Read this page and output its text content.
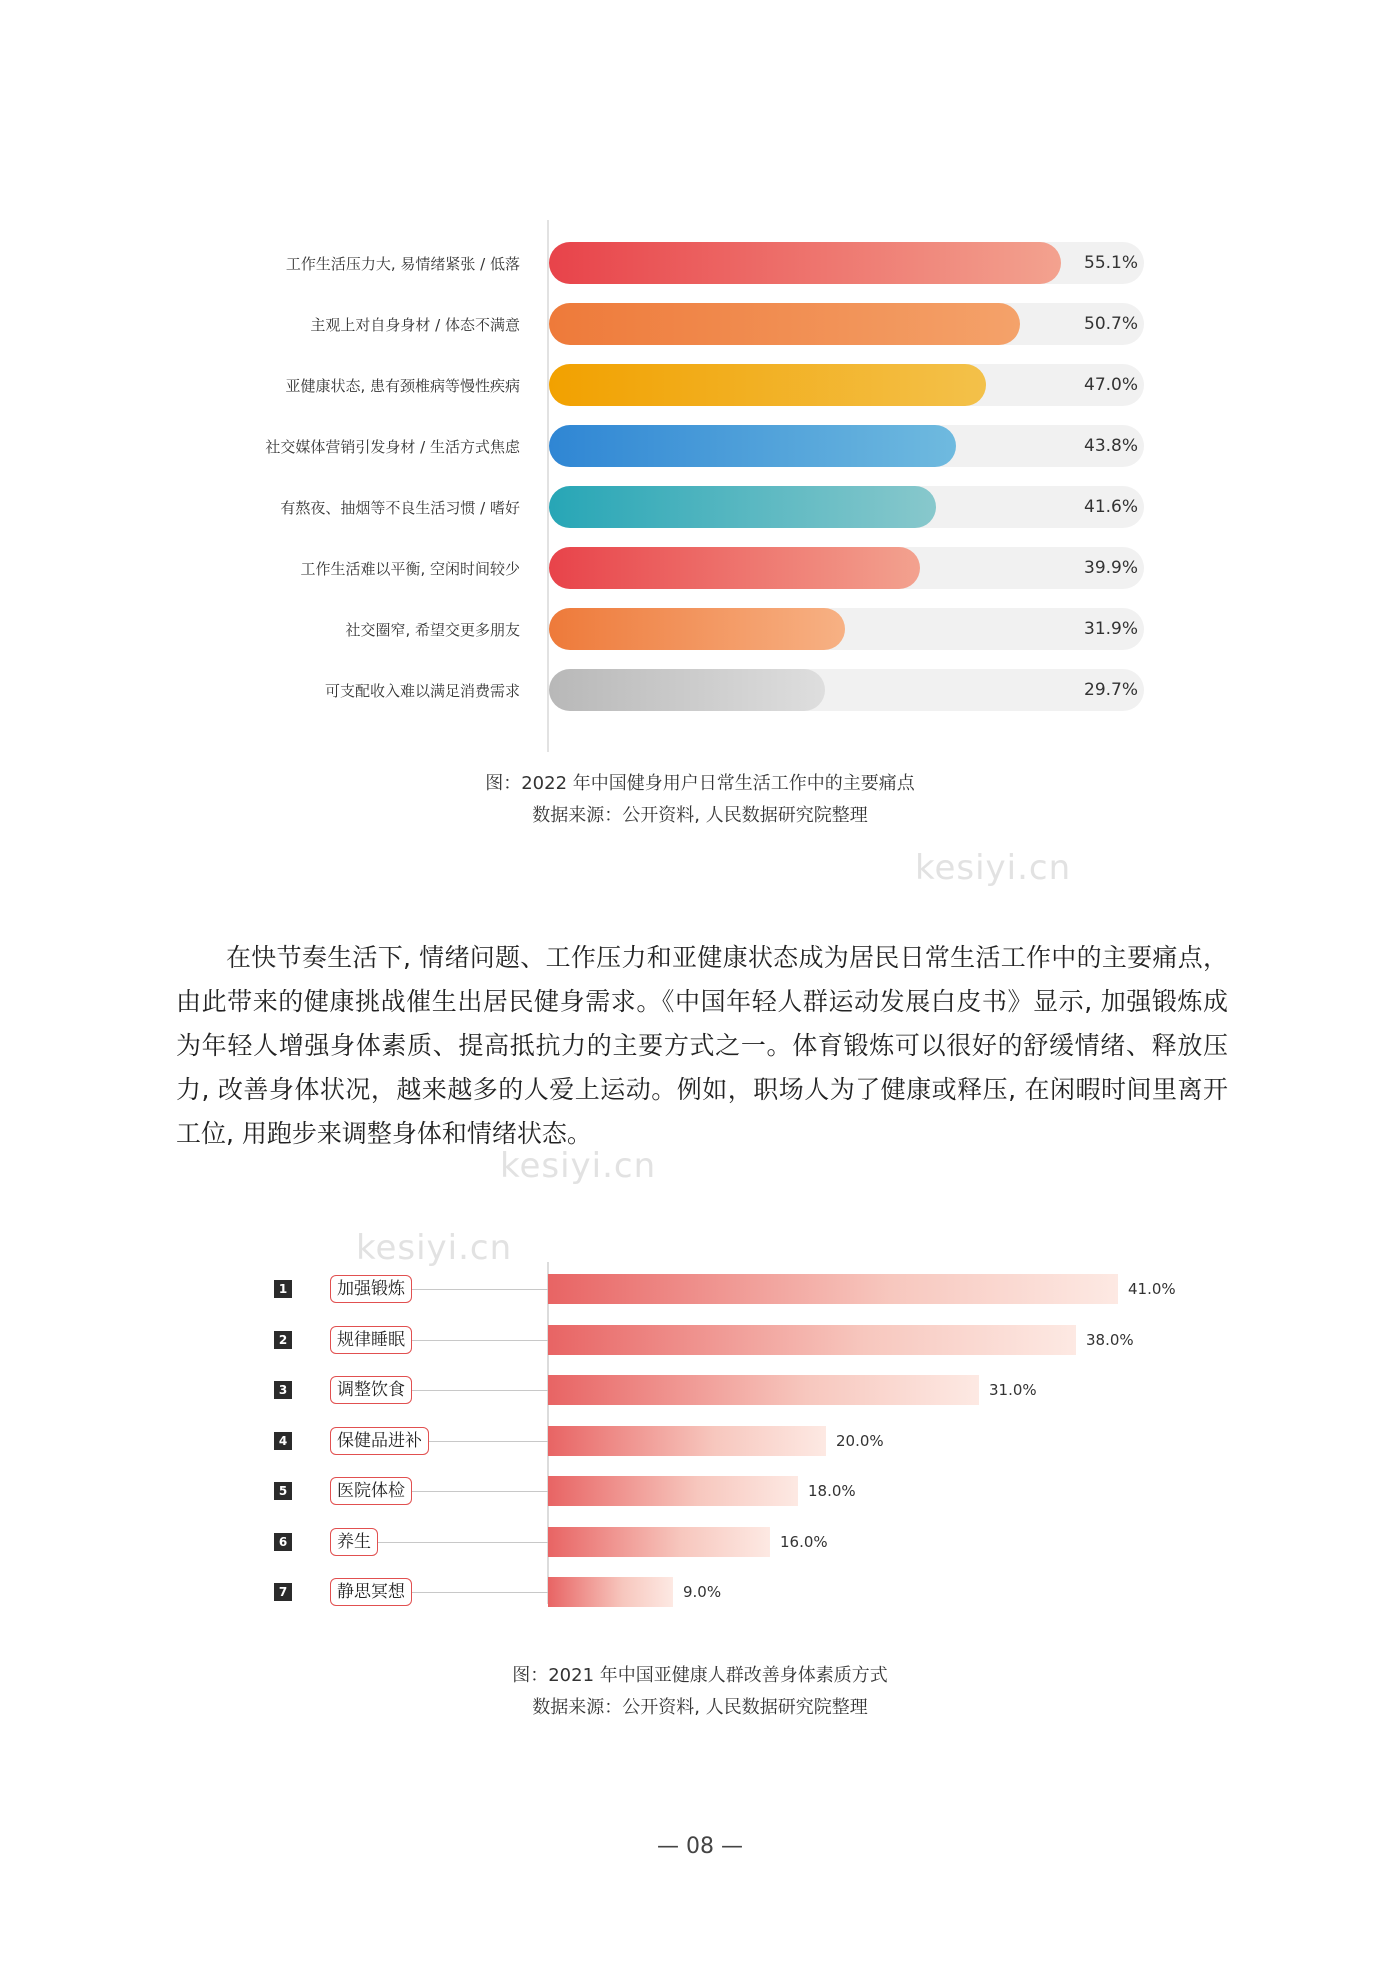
kesiyi.cn
kesiyi.cn
kesiyi.cn
工作生活压力大, 易情绪紧张 / 低落	55.1%
主观上对自身身材 / 体态不满意	50.7%
亚健康状态, 患有颈椎病等慢性疾病	47.0%
社交媒体营销引发身材 / 生活方式焦虑	43.8%
有熬夜、抽烟等不良生活习惯 / 嗜好	41.6%
工作生活难以平衡, 空闲时间较少	39.9%
社交圈窄, 希望交更多朋友	31.9%
可支配收入难以满足消费需求	29.7%
图：2022 年中国健身用户日常生活工作中的主要痛点
数据来源：公开资料, 人民数据研究院整理
在快节奏生活下, 情绪问题、工作压力和亚健康状态成为居民日常生活工作中的主要痛点，由此带来的健康挑战催生出居民健身需求。《中国年轻人群运动发展白皮书》显示, 加强锻炼成为年轻人增强身体素质、提高抵抗力的主要方式之一。体育锻炼可以很好的舒缓情绪、释放压力, 改善身体状况，越来越多的人爱上运动。例如，职场人为了健康或释压, 在闲暇时间里离开工位, 用跑步来调整身体和情绪状态。
1	加强锻炼	41.0%
2	规律睡眠	38.0%
3	调整饮食	31.0%
4	保健品进补	20.0%
5	医院体检	18.0%
6	养生	16.0%
7	静思冥想	9.0%
图：2021 年中国亚健康人群改善身体素质方式
数据来源：公开资料, 人民数据研究院整理
— 08 —
